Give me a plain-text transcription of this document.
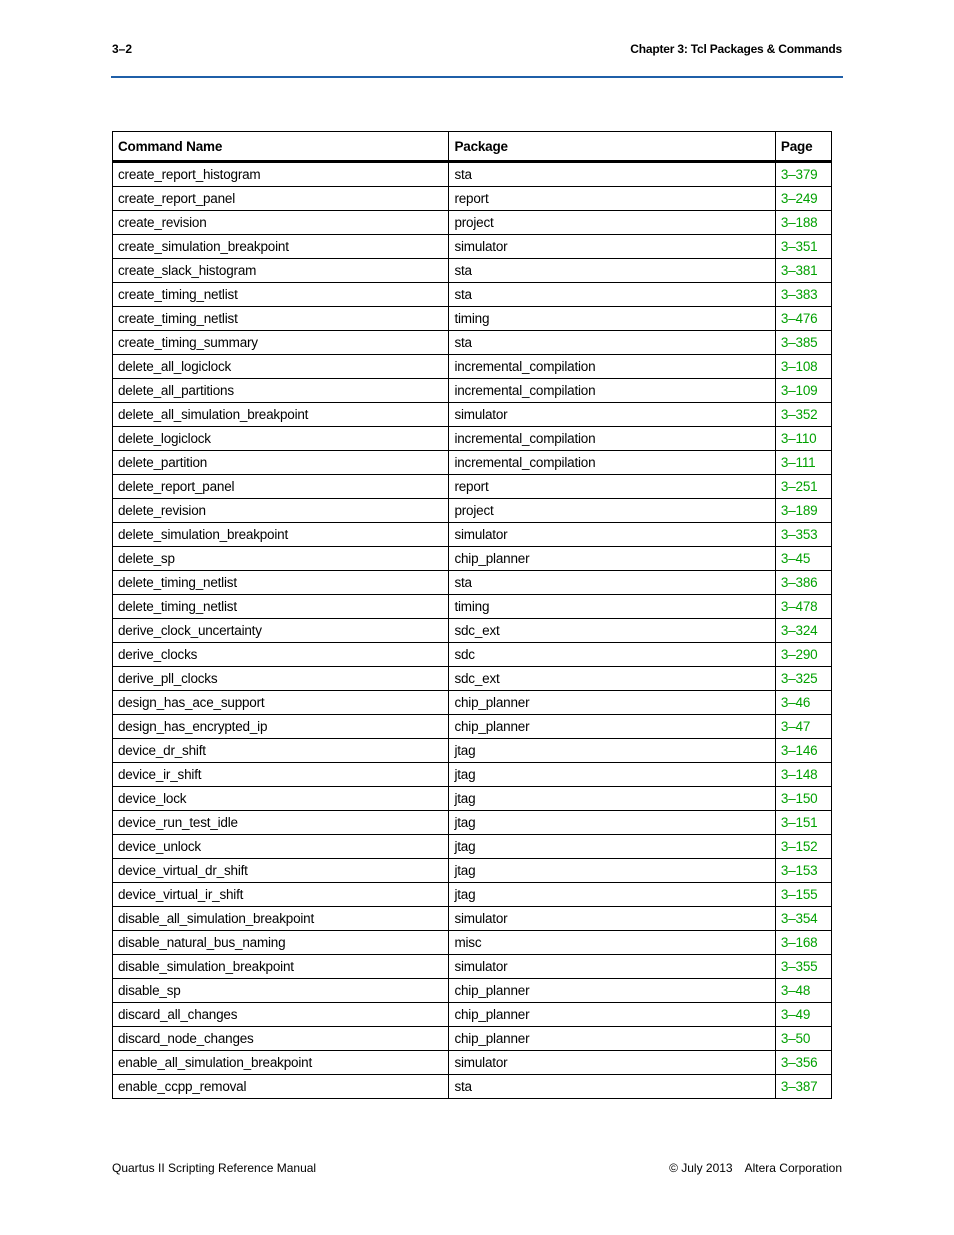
3–2	Chapter 3: Tcl Packages & Commands
Command Name	Package	Page
create_report_histogram	sta	3–379
create_report_panel	report	3–249
create_revision	project	3–188
create_simulation_breakpoint	simulator	3–351
create_slack_histogram	sta	3–381
create_timing_netlist	sta	3–383
create_timing_netlist	timing	3–476
create_timing_summary	sta	3–385
delete_all_logiclock	incremental_compilation	3–108
delete_all_partitions	incremental_compilation	3–109
delete_all_simulation_breakpoint	simulator	3–352
delete_logiclock	incremental_compilation	3–110
delete_partition	incremental_compilation	3–111
delete_report_panel	report	3–251
delete_revision	project	3–189
delete_simulation_breakpoint	simulator	3–353
delete_sp	chip_planner	3–45
delete_timing_netlist	sta	3–386
delete_timing_netlist	timing	3–478
derive_clock_uncertainty	sdc_ext	3–324
derive_clocks	sdc	3–290
derive_pll_clocks	sdc_ext	3–325
design_has_ace_support	chip_planner	3–46
design_has_encrypted_ip	chip_planner	3–47
device_dr_shift	jtag	3–146
device_ir_shift	jtag	3–148
device_lock	jtag	3–150
device_run_test_idle	jtag	3–151
device_unlock	jtag	3–152
device_virtual_dr_shift	jtag	3–153
device_virtual_ir_shift	jtag	3–155
disable_all_simulation_breakpoint	simulator	3–354
disable_natural_bus_naming	misc	3–168
disable_simulation_breakpoint	simulator	3–355
disable_sp	chip_planner	3–48
discard_all_changes	chip_planner	3–49
discard_node_changes	chip_planner	3–50
enable_all_simulation_breakpoint	simulator	3–356
enable_ccpp_removal	sta	3–387
Quartus II Scripting Reference Manual	© July 2013 Altera Corporation
